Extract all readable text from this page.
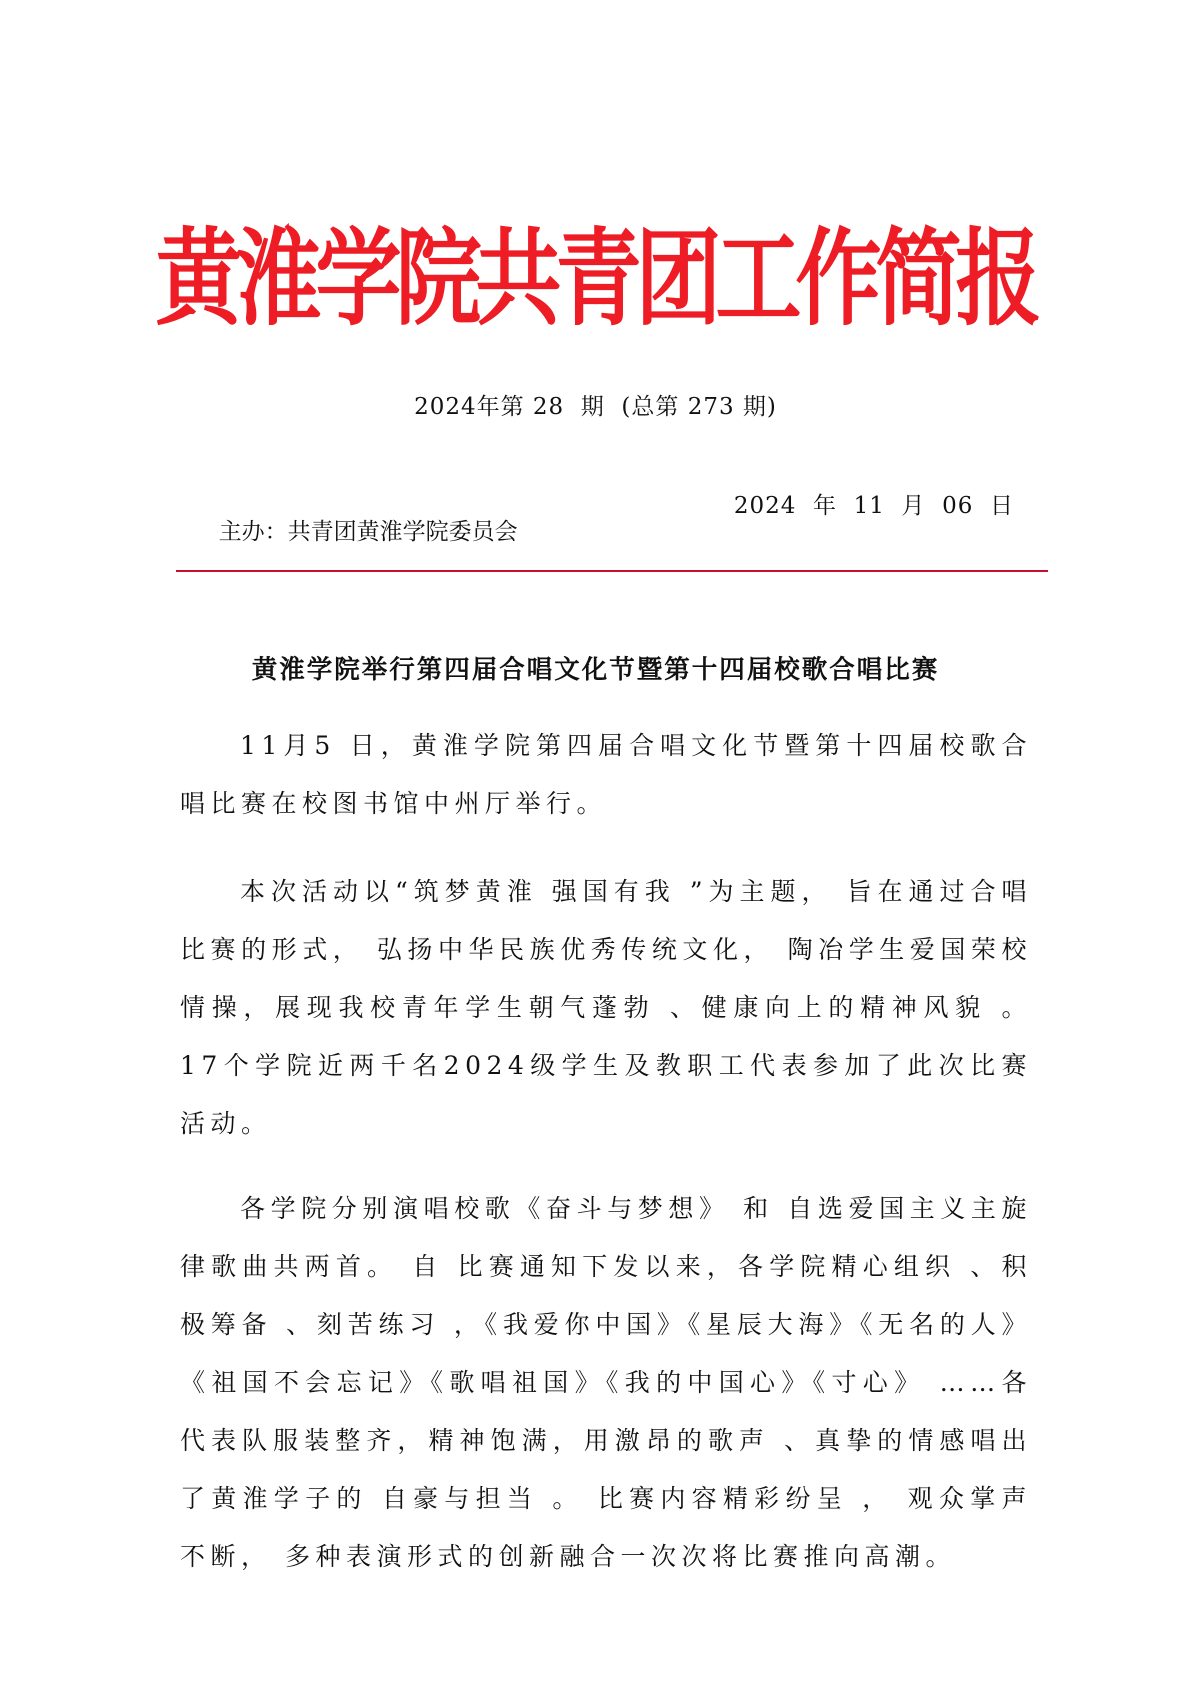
黄淮学院共青团工作简报
2024年第 28  期  (总第 273 期)

主办：共青团黄淮学院委员会

2024  年  11  月  06  日

黄淮学院举行第四届合唱文化节暨第十四届校歌合唱比赛

11月5 日，黄淮学院第四届合唱文化节暨第十四届校歌合唱比赛在校图书馆中州厅举行。

本次活动以“筑梦黄淮 强国有我 ”为主题， 旨在通过合唱比赛的形式， 弘扬中华民族优秀传统文化， 陶冶学生爱国荣校情操，展现我校青年学生朝气蓬勃 、健康向上的精神风貌 。17个学院近两千名2024级学生及教职工代表参加了此次比赛活动。

各学院分别演唱校歌《奋斗与梦想》 和 自选爱国主义主旋律歌曲共两首。 自 比赛通知下发以来，各学院精心组织 、积极筹备 、刻苦练习 ，《我爱你中国》《星辰大海》《无名的人》《祖国不会忘记》《歌唱祖国》《我的中国心》《寸心》 ……各代表队服装整齐，精神饱满，用激昂的歌声 、真挚的情感唱出了黄淮学子的 自豪与担当 。 比赛内容精彩纷呈 ， 观众掌声不断， 多种表演形式的创新融合一次次将比赛推向高潮。
